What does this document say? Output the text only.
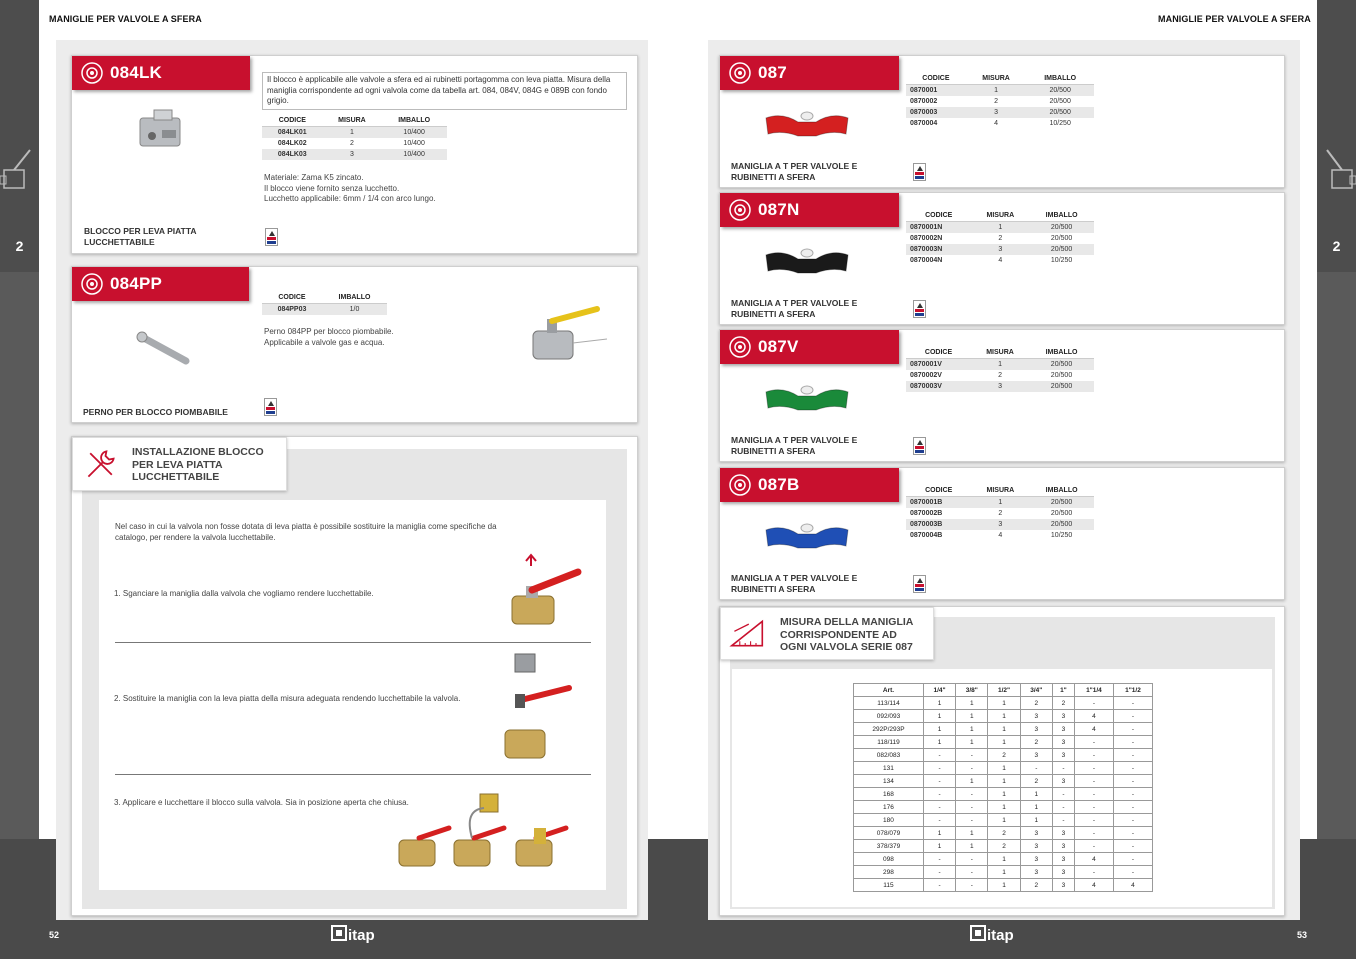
2	2
MANIGLIE PER VALVOLE A SFERA	MANIGLIE PER VALVOLE A SFERA
084LK	Il blocco è applicabile alle valvole a sfera ed ai rubinetti portagomma con leva piatta. Misura della maniglia corrispondente ad ogni valvola come da tabella art. 084, 084V, 084G e 089B con fondo grigio.
CODICE	MISURA	IMBALLO
084LK01	1	10/400
084LK02	2	10/400
084LK03	3	10/400
Materiale: Zama K5 zincato.
Il blocco viene fornito senza lucchetto.
Lucchetto applicabile: 6mm / 1/4 con arco lungo.
BLOCCO PER LEVA PIATTA
LUCCHETTABILE
084PP
CODICE	IMBALLO
084PP03	1/0
Perno 084PP per blocco piombabile.
Applicabile a valvole gas e acqua.
PERNO PER BLOCCO PIOMBABILE
INSTALLAZIONE BLOCCO
PER LEVA PIATTA
LUCCHETTABILE
Nel caso in cui la valvola non fosse dotata di leva piatta è possibile sostituire la maniglia come specifiche da
catalogo, per rendere la valvola lucchettabile.
1. Sganciare la maniglia dalla valvola che vogliamo rendere lucchettabile.
2. Sostituire la maniglia con la leva piatta della misura adeguata rendendo lucchettabile la valvola.
3. Applicare e lucchettare il blocco sulla valvola. Sia in posizione aperta che chiusa.
087	CODICE	MISURA	IMBALLO
0870001	1	20/500
0870002	2	20/500
0870003	3	20/500
0870004	4	10/250
MANIGLIA A T PER VALVOLE E
RUBINETTI A SFERA
087N	CODICE	MISURA	IMBALLO
0870001N	1	20/500
0870002N	2	20/500
0870003N	3	20/500
0870004N	4	10/250
MANIGLIA A T PER VALVOLE E
RUBINETTI A SFERA
087V	CODICE	MISURA	IMBALLO
0870001V	1	20/500
0870002V	2	20/500
0870003V	3	20/500
MANIGLIA A T PER VALVOLE E
RUBINETTI A SFERA
087B	CODICE	MISURA	IMBALLO
0870001B	1	20/500
0870002B	2	20/500
0870003B	3	20/500
0870004B	4	10/250
MANIGLIA A T PER VALVOLE E
RUBINETTI A SFERA
MISURA DELLA MANIGLIA
CORRISPONDENTE AD
OGNI VALVOLA SERIE 087
Art.	1/4"	3/8"	1/2"	3/4"	1"	1"1/4	1"1/2
113/114	1	1	1	2	2	-	-
092/093	1	1	1	3	3	4	-
292P/293P	1	1	1	3	3	4	-
118/119	1	1	1	2	3	-	-
082/083	-	-	2	3	3	-	-
131	-	-	1	-	-	-	-
134	-	1	1	2	3	-	-
168	-	-	1	1	-	-	-
176	-	-	1	1	-	-	-
180	-	-	1	1	-	-	-
078/079	1	1	2	3	3	-	-
378/379	1	1	2	3	3	-	-
098	-	-	1	3	3	4	-
298	-	-	1	3	3	-	-
115	-	-	1	2	3	4	4
itap	itap
52	53
